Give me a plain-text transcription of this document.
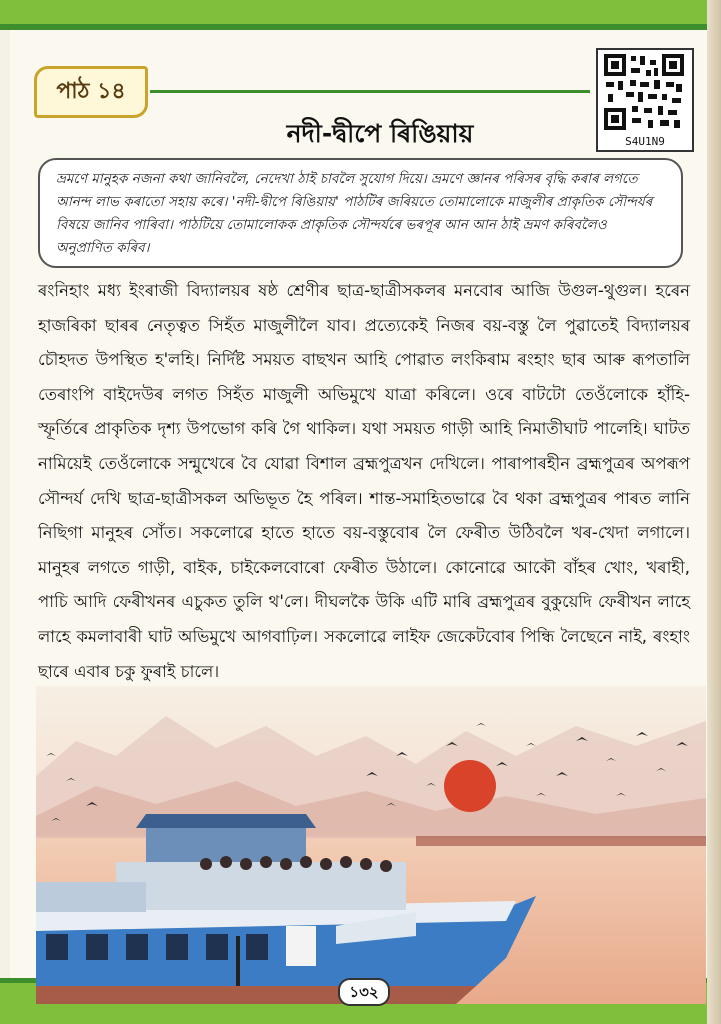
পাঠ ১৪
S4U1N9
নদী-দ্বীপে ৰিঙিয়ায়
ভ্ৰমণে মানুহক নজনা কথা জানিবলৈ, নেদেখা ঠাই চাবলৈ সুযোগ দিয়ে। ভ্ৰমণে জ্ঞানৰ পৰিসৰ বৃদ্ধি কৰাৰ লগতে আনন্দ লাভ কৰাতো সহায় কৰে। 'নদী-দ্বীপে ৰিঙিয়ায়' পাঠটিৰ জৰিয়তে তোমালোকে মাজুলীৰ প্ৰাকৃতিক সৌন্দৰ্যৰ বিষয়ে জানিব পাৰিবা। পাঠটিয়ে তোমালোকক প্ৰাকৃতিক সৌন্দৰ্যৰে ভৰপূৰ আন আন ঠাই ভ্ৰমণ কৰিবলৈও অনুপ্ৰাণিত কৰিব।

ৰংনিহাং মধ্য ইংৰাজী বিদ্যালয়ৰ ষষ্ঠ শ্ৰেণীৰ ছাত্ৰ-ছাত্ৰীসকলৰ মনবোৰ আজি উগুল-থুগুল। হৰেন হাজৰিকা ছাৰৰ নেতৃত্বত সিহঁত মাজুলীলৈ যাব। প্ৰত্যেকেই নিজৰ বয়-বস্তু লৈ পুৱাতেই বিদ্যালয়ৰ চৌহদত উপস্থিত হ'লহি। নিৰ্দিষ্ট সময়ত বাছখন আহি পোৱাত লংকিৰাম ৰংহাং ছাৰ আৰু ৰূপতালি তেৰাংপি বাইদেউৰ লগত সিহঁত মাজুলী অভিমুখে যাত্ৰা কৰিলে। ওৰে বাটটো তেওঁলোকে হাঁহি-স্ফূৰ্তিৰে প্ৰাকৃতিক দৃশ্য উপভোগ কৰি গৈ থাকিল। যথা সময়ত গাড়ী আহি নিমাতীঘাট পালেহি। ঘাটত নামিয়েই তেওঁলোকে সন্মুখেৰে বৈ যোৱা বিশাল ব্ৰহ্মপুত্ৰখন দেখিলে। পাৰাপাৰহীন ব্ৰহ্মপুত্ৰৰ অপৰূপ সৌন্দৰ্য দেখি ছাত্ৰ-ছাত্ৰীসকল অভিভূত হৈ পৰিল। শান্ত-সমাহিতভাৱে বৈ থকা ব্ৰহ্মপুত্ৰৰ পাৰত লানি নিছিগা মানুহৰ সোঁত। সকলোৱে হাতে হাতে বয়-বস্তুবোৰ লৈ ফেৰীত উঠিবলৈ খৰ-খেদা লগালে। মানুহৰ লগতে গাড়ী, বাইক, চাইকেলবোৰো ফেৰীত উঠালে। কোনোৱে আকৌ বাঁহৰ খোং, খৰাহী, পাচি আদি ফেৰীখনৰ এচুকত তুলি থ'লে। দীঘলকৈ উকি এটি মাৰি ব্ৰহ্মপুত্ৰৰ বুকুয়েদি ফেৰীখন লাহে লাহে কমলাবাৰী ঘাট অভিমুখে আগবাঢ়িল। সকলোৱে লাইফ জেকেটবোৰ পিন্ধি লৈছেনে নাই, ৰংহাং ছাৰে এবাৰ চকু ফুৰাই চালে।

১৩২
